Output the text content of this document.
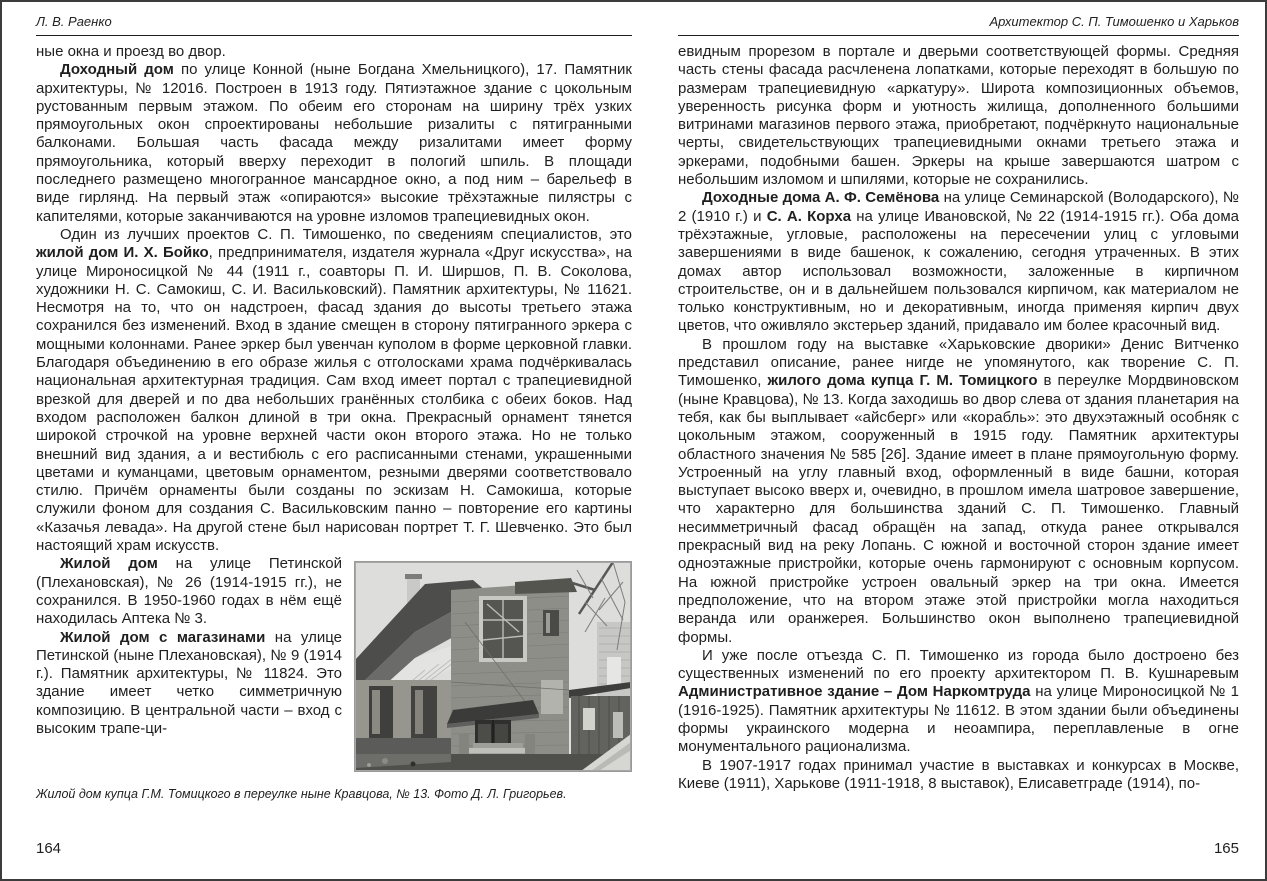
Л. В. Раенко

ные окна и проезд во двор.

Доходный дом по улице Конной (ныне Богдана Хмельницкого), 17. Памятник архитектуры, № 12016. Построен в 1913 году. Пятиэтажное здание с цокольным рустованным первым этажом. По обеим его сторонам на ширину трёх узких прямоугольных окон спроектированы небольшие ризалиты с пятигранными балконами. Большая часть фасада между ризалитами имеет форму прямоугольника, который вверху переходит в пологий шпиль. В площади последнего размещено многогранное мансардное окно, а под ним – барельеф в виде гирлянд. На первый этаж «опираются» высокие трёхэтажные пилястры с капителями, которые заканчиваются на уровне изломов трапециевидных окон.

Один из лучших проектов С. П. Тимошенко, по сведениям специалистов, это жилой дом И. Х. Бойко, предпринимателя, издателя журнала «Друг искусства», на улице Мироносицкой № 44 (1911 г., соавторы П. И. Ширшов, П. В. Соколова, художники Н. С. Самокиш, С. И. Васильковский). Памятник архитектуры, № 11621. Несмотря на то, что он надстроен, фасад здания до высоты третьего этажа сохранился без изменений. Вход в здание смещен в сторону пятигранного эркера с мощными колоннами. Ранее эркер был увенчан куполом в форме церковной главки. Благодаря объединению в его образе жилья с отголосками храма подчёркивалась национальная архитектурная традиция. Сам вход имеет портал с трапециевидной врезкой для дверей и по два небольших гранённых столбика с обеих боков. Над входом расположен балкон длиной в три окна. Прекрасный орнамент тянется широкой строчкой на уровне верхней части окон второго этажа. Но не только внешний вид здания, а и вестибюль с его расписанными стенами, украшенными цветами и куманцами, цветовым орнаментом, резными дверями соответствовало стилю. Причём орнаменты были созданы по эскизам Н. Самокиша, которые служили фоном для создания С. Васильковским панно – повторение его картины «Казачья левада». На другой стене был нарисован портрет Т. Г. Шевченко. Это был настоящий храм искусств.

Жилой дом на улице Петинской (Плехановская), № 26 (1914-1915 гг.), не сохранился. В 1950-1960 годах в нём ещё находилась Аптека № 3.

Жилой дом с магазинами на улице Петинской (ныне Плехановская), № 9 (1914 г.). Памятник архитектуры, № 11824. Это здание имеет четко симметричную композицию. В центральной части – вход с высоким трапе-ци-

Жилой дом купца Г.М. Томицкого в переулке ныне Кравцова, № 13. Фото Д. Л. Григорьев.
Архитектор С. П. Тимошенко и Харьков

евидным прорезом в портале и дверьми соответствующей формы. Средняя часть стены фасада расчленена лопатками, которые переходят в большую по размерам трапециевидную «аркатуру». Широта композиционных объемов, уверенность рисунка форм и уютность жилища, дополненного большими витринами магазинов первого этажа, приобретают, подчёркнуто национальные черты, свидетельствующих трапециевидными окнами третьего этажа и эркерами, подобными башен. Эркеры на крыше завершаются шатром с небольшим изломом и шпилями, которые не сохранились.

Доходные дома А. Ф. Семёнова на улице Семинарской (Володарского), № 2 (1910 г.) и С. А. Корха на улице Ивановской, № 22 (1914-1915 гг.). Оба дома трёхэтажные, угловые, расположены на пересечении улиц с угловыми завершениями в виде башенок, к сожалению, сегодня утраченных. В этих домах автор использовал возможности, заложенные в кирпичном строительстве, он и в дальнейшем пользовался кирпичом, как материалом не только конструктивным, но и декоративным, иногда применяя кирпич двух цветов, что оживляло экстерьер зданий, придавало им более красочный вид.

В прошлом году на выставке «Харьковские дворики» Денис Витченко представил описание, ранее нигде не упомянутого, как творение С. П. Тимошенко, жилого дома купца Г. М. Томицкого в переулке Мордвиновском (ныне Кравцова), № 13. Когда заходишь во двор слева от здания планетария на тебя, как бы выплывает «айсберг» или «корабль»: это двухэтажный особняк с цокольным этажом, сооруженный в 1915 году. Памятник архитектуры областного значения № 585 [26]. Здание имеет в плане прямоугольную форму. Устроенный на углу главный вход, оформленный в виде башни, которая выступает высоко вверх и, очевидно, в прошлом имела шатровое завершение, что характерно для большинства зданий С. П. Тимошенко. Главный несимметричный фасад обращён на запад, откуда ранее открывался прекрасный вид на реку Лопань. С южной и восточной сторон здание имеет одноэтажные пристройки, которые очень гармонируют с основным корпусом. На южной пристройке устроен овальный эркер на три окна. Имеется предположение, что на втором этаже этой пристройки могла находиться веранда или оранжерея. Большинство окон выполнено трапециевидной формы.

И уже после отъезда С. П. Тимошенко из города было достроено без существенных изменений по его проекту архитектором П. В. Кушнаревым Административное здание – Дом Наркомтруда на улице Мироносицкой № 1 (1916-1925). Памятник архитектуры № 11612. В этом здании были объединены формы украинского модерна и неоампира, переплавленые в огне монументального рационализма.

В 1907-1917 годах принимал участие в выставках и конкурсах в Москве, Киеве (1911), Харькове (1911-1918, 8 выставок), Елисаветграде (1914), по-

164	165
